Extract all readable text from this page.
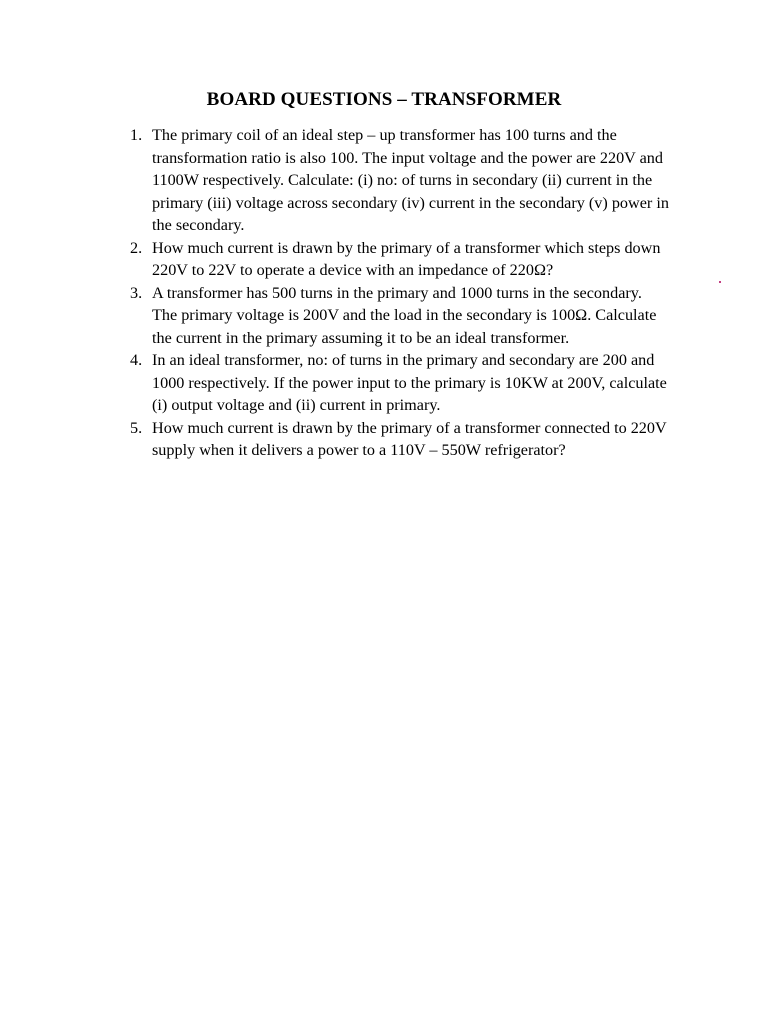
BOARD QUESTIONS – TRANSFORMER
1. The primary coil of an ideal step – up transformer has 100 turns and the transformation ratio is also 100. The input voltage and the power are 220V and 1100W respectively. Calculate: (i) no: of turns in secondary (ii) current in the primary (iii) voltage across secondary (iv) current in the secondary (v) power in the secondary.
2. How much current is drawn by the primary of a transformer which steps down 220V to 22V to operate a device with an impedance of 220Ω?
3. A transformer has 500 turns in the primary and 1000 turns in the secondary. The primary voltage is 200V and the load in the secondary is 100Ω. Calculate the current in the primary assuming it to be an ideal transformer.
4. In an ideal transformer, no: of turns in the primary and secondary are 200 and 1000 respectively. If the power input to the primary is 10KW at 200V, calculate (i) output voltage and (ii) current in primary.
5. How much current is drawn by the primary of a transformer connected to 220V supply when it delivers a power to a 110V – 550W refrigerator?
